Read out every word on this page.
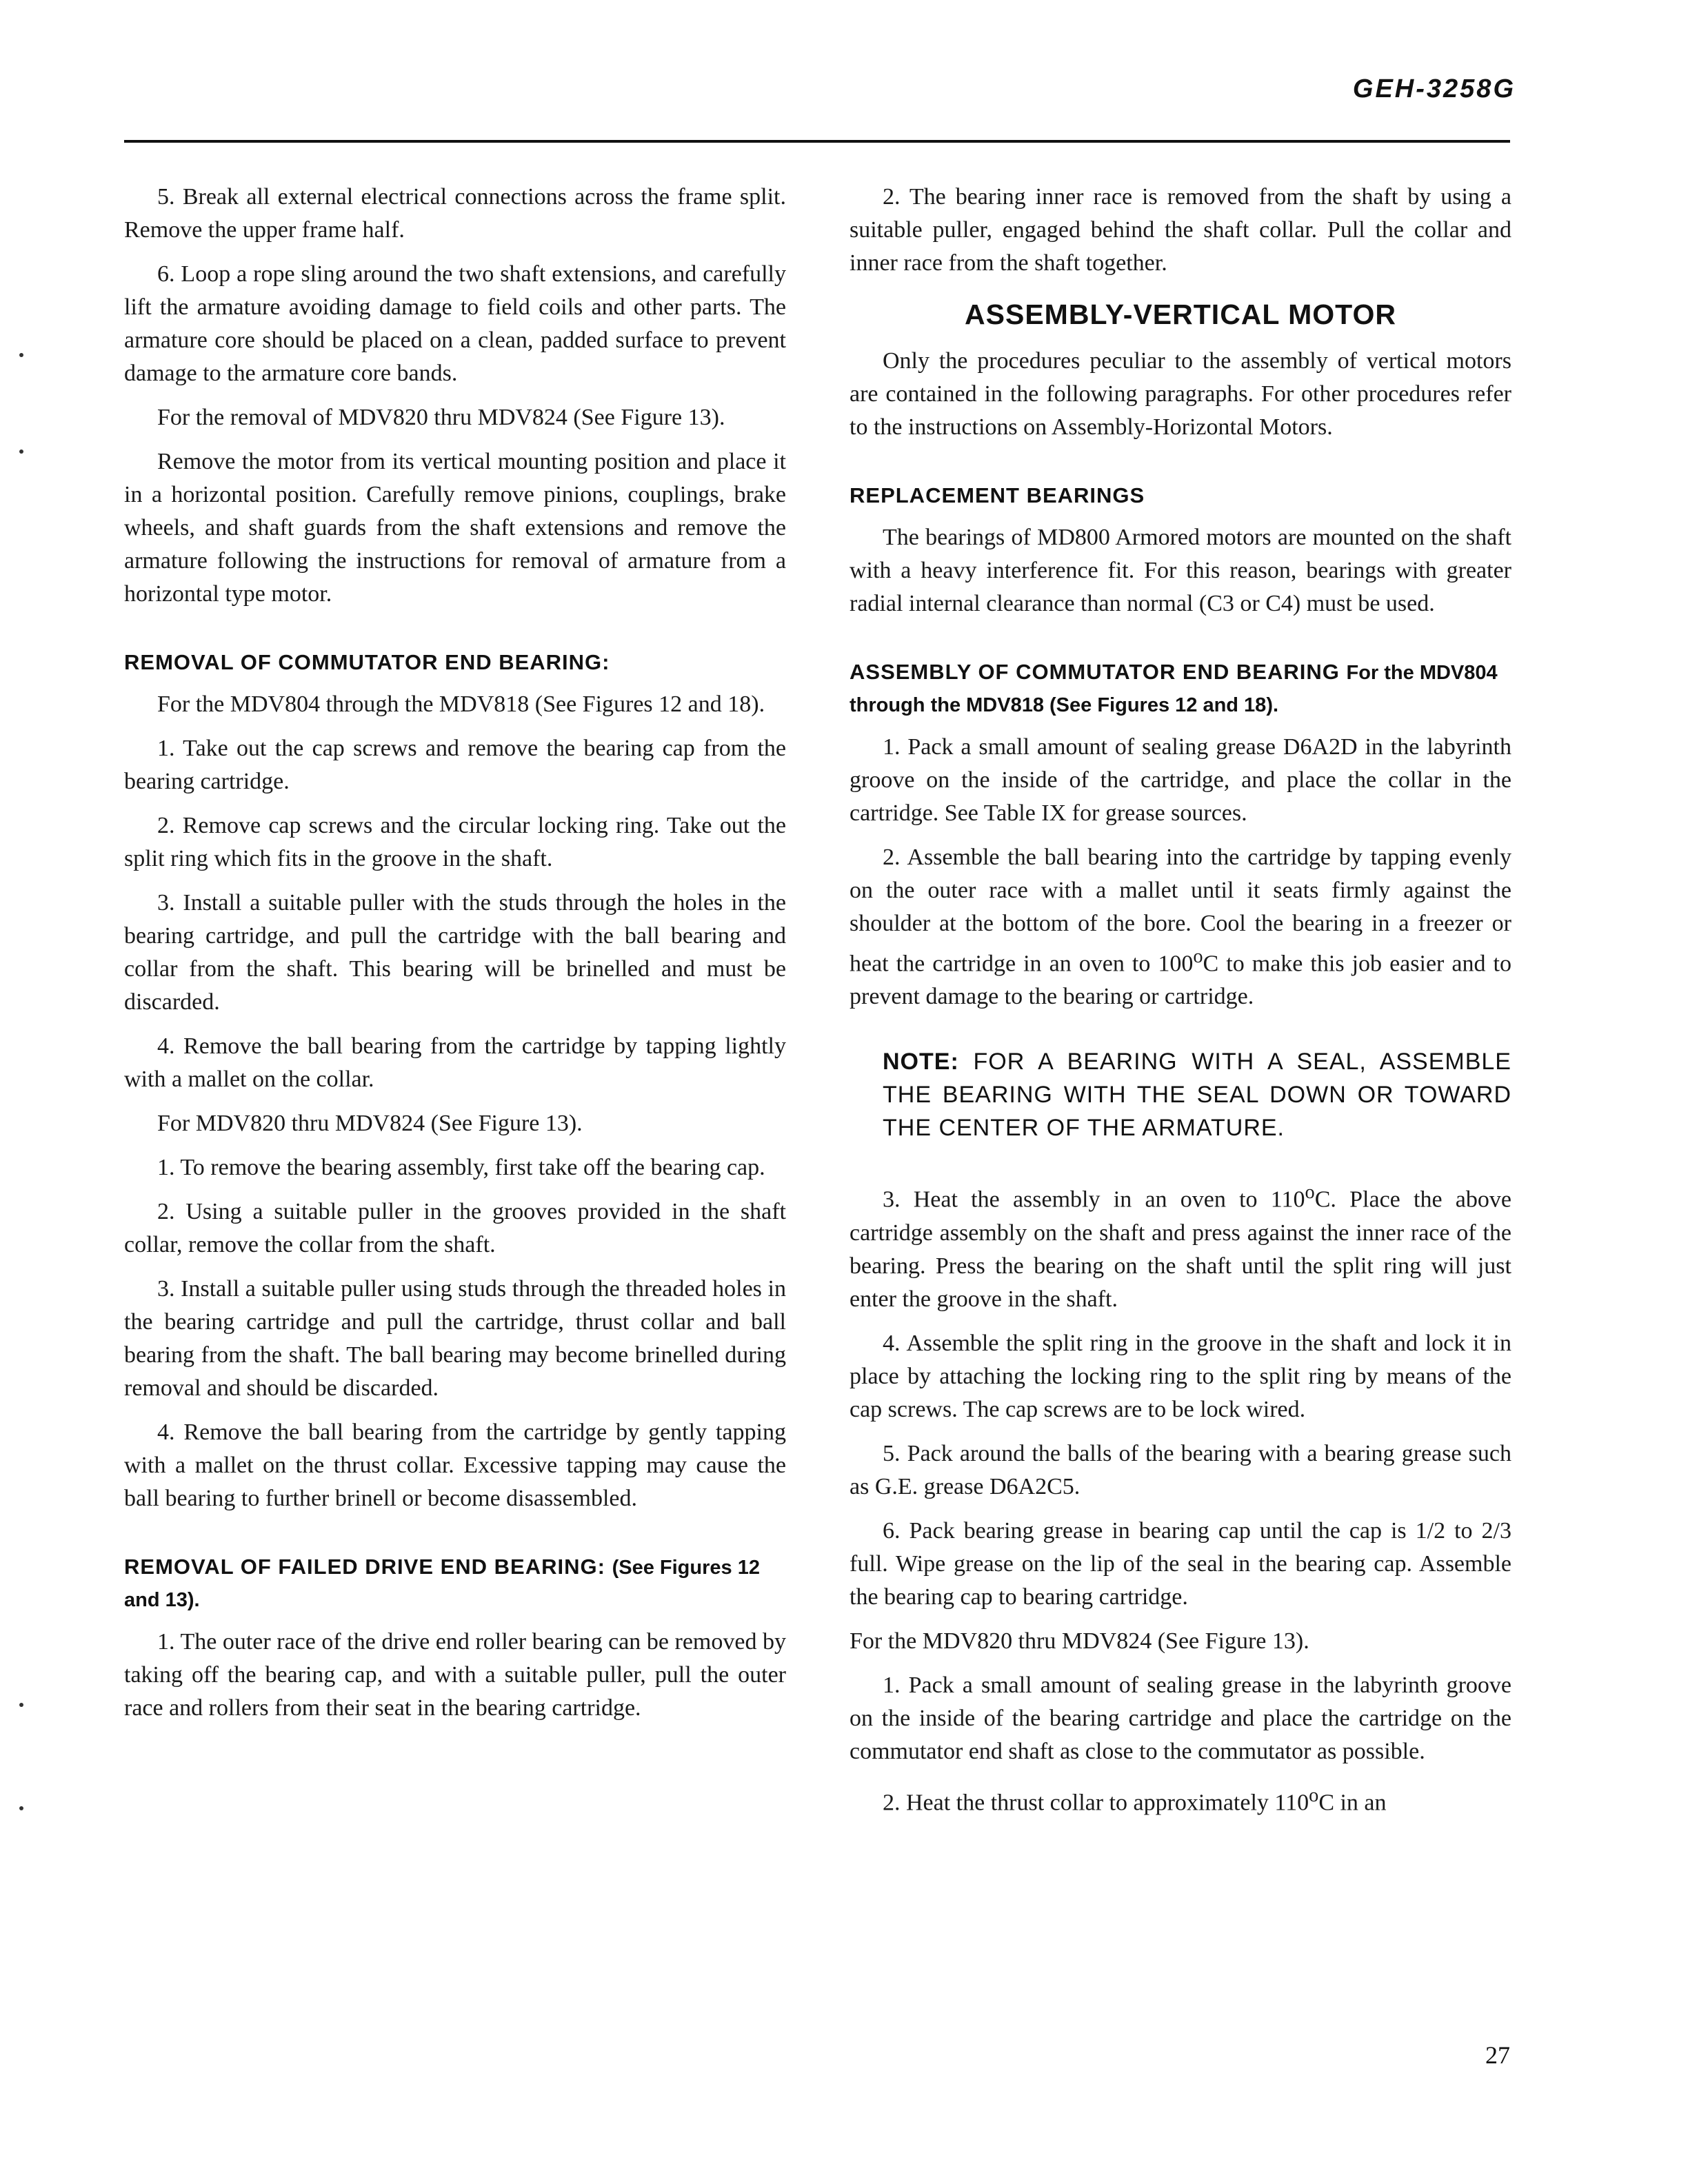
GEH-3258G

5. Break all external electrical connections across the frame split. Remove the upper frame half.

6. Loop a rope sling around the two shaft extensions, and carefully lift the armature avoiding damage to field coils and other parts. The armature core should be placed on a clean, padded surface to prevent damage to the armature core bands.

For the removal of MDV820 thru MDV824 (See Figure 13).

Remove the motor from its vertical mounting position and place it in a horizontal position. Carefully remove pinions, couplings, brake wheels, and shaft guards from the shaft extensions and remove the armature following the instructions for removal of armature from a horizontal type motor.

REMOVAL OF COMMUTATOR END BEARING:

For the MDV804 through the MDV818 (See Figures 12 and 18).

1. Take out the cap screws and remove the bearing cap from the bearing cartridge.

2. Remove cap screws and the circular locking ring. Take out the split ring which fits in the groove in the shaft.

3. Install a suitable puller with the studs through the holes in the bearing cartridge, and pull the cartridge with the ball bearing and collar from the shaft. This bearing will be brinelled and must be discarded.

4. Remove the ball bearing from the cartridge by tapping lightly with a mallet on the collar.

For MDV820 thru MDV824 (See Figure 13).

1. To remove the bearing assembly, first take off the bearing cap.

2. Using a suitable puller in the grooves provided in the shaft collar, remove the collar from the shaft.

3. Install a suitable puller using studs through the threaded holes in the bearing cartridge and pull the cartridge, thrust collar and ball bearing from the shaft. The ball bearing may become brinelled during removal and should be discarded.

4. Remove the ball bearing from the cartridge by gently tapping with a mallet on the thrust collar. Excessive tapping may cause the ball bearing to further brinell or become disassembled.

REMOVAL OF FAILED DRIVE END BEARING: (See Figures 12 and 13).

1. The outer race of the drive end roller bearing can be removed by taking off the bearing cap, and with a suitable puller, pull the outer race and rollers from their seat in the bearing cartridge.

2. The bearing inner race is removed from the shaft by using a suitable puller, engaged behind the shaft collar. Pull the collar and inner race from the shaft together.

ASSEMBLY-VERTICAL MOTOR

Only the procedures peculiar to the assembly of vertical motors are contained in the following paragraphs. For other procedures refer to the instructions on Assembly-Horizontal Motors.

REPLACEMENT BEARINGS

The bearings of MD800 Armored motors are mounted on the shaft with a heavy interference fit. For this reason, bearings with greater radial internal clearance than normal (C3 or C4) must be used.

ASSEMBLY OF COMMUTATOR END BEARING For the MDV804 through the MDV818 (See Figures 12 and 18).

1. Pack a small amount of sealing grease D6A2D in the labyrinth groove on the inside of the cartridge, and place the collar in the cartridge. See Table IX for grease sources.

2. Assemble the ball bearing into the cartridge by tapping evenly on the outer race with a mallet until it seats firmly against the shoulder at the bottom of the bore. Cool the bearing in a freezer or heat the cartridge in an oven to 100$^o$C to make this job easier and to prevent damage to the bearing or cartridge.

NOTE: FOR A BEARING WITH A SEAL, ASSEMBLE THE BEARING WITH THE SEAL DOWN OR TOWARD THE CENTER OF THE ARMATURE.

3. Heat the assembly in an oven to 110$^o$C. Place the above cartridge assembly on the shaft and press against the inner race of the bearing. Press the bearing on the shaft until the split ring will just enter the groove in the shaft.

4. Assemble the split ring in the groove in the shaft and lock it in place by attaching the locking ring to the split ring by means of the cap screws. The cap screws are to be lock wired.

5. Pack around the balls of the bearing with a bearing grease such as G.E. grease D6A2C5.

6. Pack bearing grease in bearing cap until the cap is 1/2 to 2/3 full. Wipe grease on the lip of the seal in the bearing cap. Assemble the bearing cap to bearing cartridge.

For the MDV820 thru MDV824 (See Figure 13).

1. Pack a small amount of sealing grease in the labyrinth groove on the inside of the bearing cartridge and place the cartridge on the commutator end shaft as close to the commutator as possible.

2. Heat the thrust collar to approximately 110$^o$C in an

27
